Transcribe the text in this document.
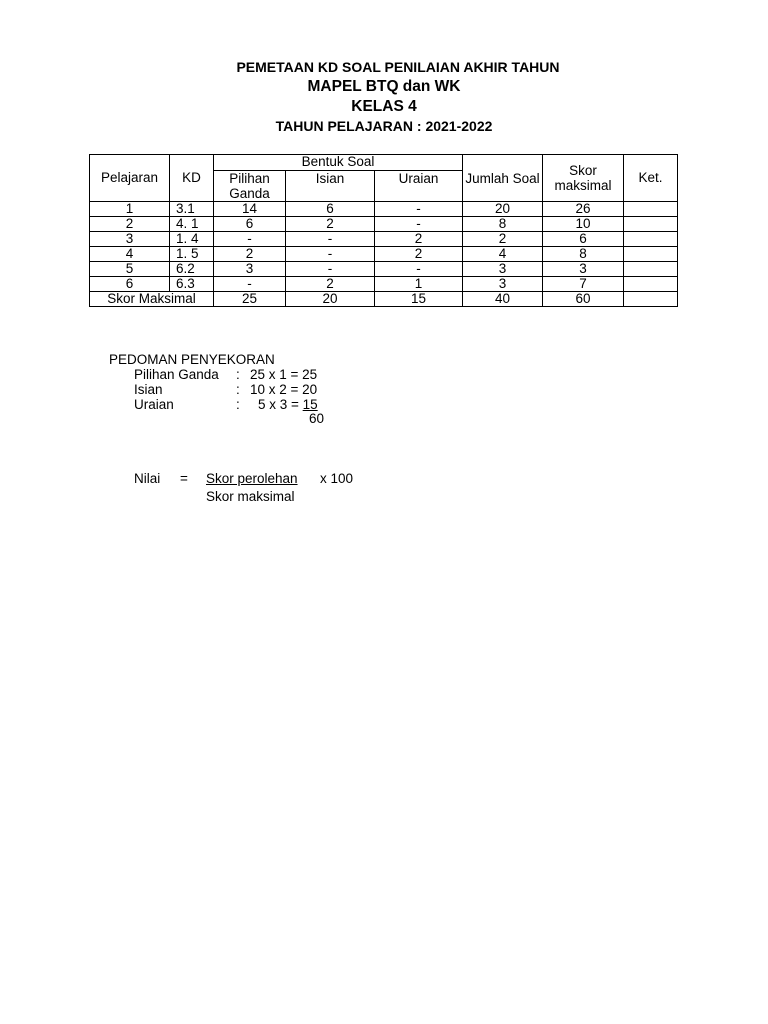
PEMETAAN KD SOAL PENILAIAN AKHIR TAHUN
MAPEL BTQ dan WK
KELAS 4
TAHUN PELAJARAN : 2021-2022
Pelajaran	KD	Bentuk Soal			Jumlah Soal	Skor maksimal	Ket.
		Pilihan Ganda	Isian	Uraian			
1	3.1	14	6	-	20	26	
2	4. 1	6	2	-	8	10	
3	1. 4	-	-	2	2	6	
4	1. 5	2	-	2	4	8	
5	6.2	3	-	-	3	3	
6	6.3	-	2	1	3	7	
Skor Maksimal		25	20	15	40	60	
PEDOMAN PENYEKORAN
Pilihan Ganda : 25 x 1 = 25
Isian	: 10 x 2 = 20
Uraian	: 5 x 3 = 15
60
Nilai = Skor perolehan x 100
Skor maksimal
